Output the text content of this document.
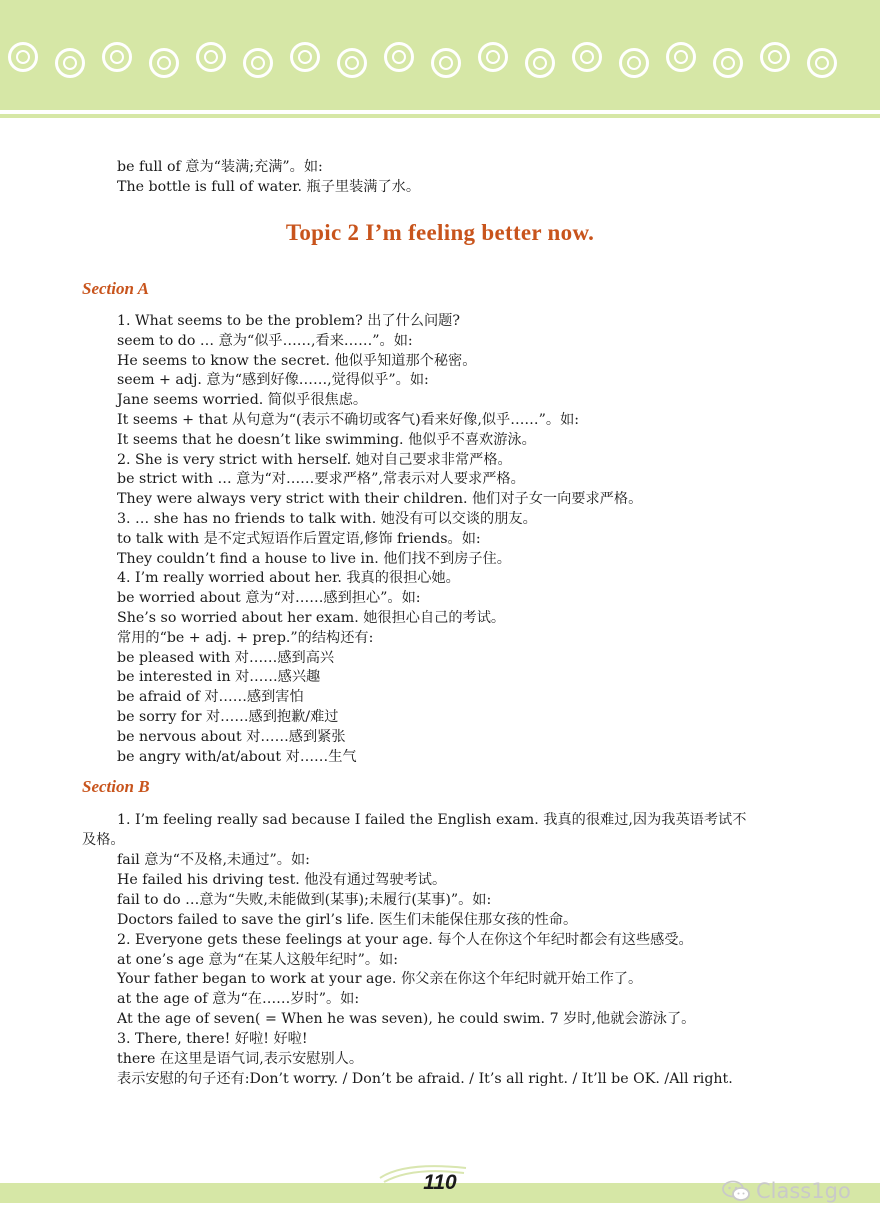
be full of 意为“装满;充满”。如:
The bottle is full of water. 瓶子里装满了水。
Topic 2 I’m feeling better now.
Section A
1. What seems to be the problem? 出了什么问题?
seem to do … 意为“似乎……,看来……”。如:
He seems to know the secret. 他似乎知道那个秘密。
seem + adj. 意为“感到好像……,觉得似乎”。如:
Jane seems worried. 简似乎很焦虑。
It seems + that 从句意为“(表示不确切或客气)看来好像,似乎……”。如:
It seems that he doesn’t like swimming. 他似乎不喜欢游泳。
2. She is very strict with herself. 她对自己要求非常严格。
be strict with … 意为“对……要求严格”,常表示对人要求严格。
They were always very strict with their children. 他们对子女一向要求严格。
3. … she has no friends to talk with. 她没有可以交谈的朋友。
to talk with 是不定式短语作后置定语,修饰 friends。如:
They couldn’t find a house to live in. 他们找不到房子住。
4. I’m really worried about her. 我真的很担心她。
be worried about 意为“对……感到担心”。如:
She’s so worried about her exam. 她很担心自己的考试。
常用的“be + adj. + prep.”的结构还有:
be pleased with 对……感到高兴
be interested in 对……感兴趣
be afraid of 对……感到害怕
be sorry for 对……感到抱歉/难过
be nervous about 对……感到紧张
be angry with/at/about 对……生气
Section B
1. I’m feeling really sad because I failed the English exam. 我真的很难过,因为我英语考试不
及格。
fail 意为“不及格,未通过”。如:
He failed his driving test. 他没有通过驾驶考试。
fail to do …意为“失败,未能做到(某事);未履行(某事)”。如:
Doctors failed to save the girl’s life. 医生们未能保住那女孩的性命。
2. Everyone gets these feelings at your age. 每个人在你这个年纪时都会有这些感受。
at one’s age 意为“在某人这般年纪时”。如:
Your father began to work at your age. 你父亲在你这个年纪时就开始工作了。
at the age of 意为“在……岁时”。如:
At the age of seven( = When he was seven), he could swim. 7 岁时,他就会游泳了。
3. There, there! 好啦! 好啦!
there 在这里是语气词,表示安慰别人。
表示安慰的句子还有:Don’t worry. / Don’t be afraid. / It’s all right. / It’ll be OK. /All right.
110	Class1go
